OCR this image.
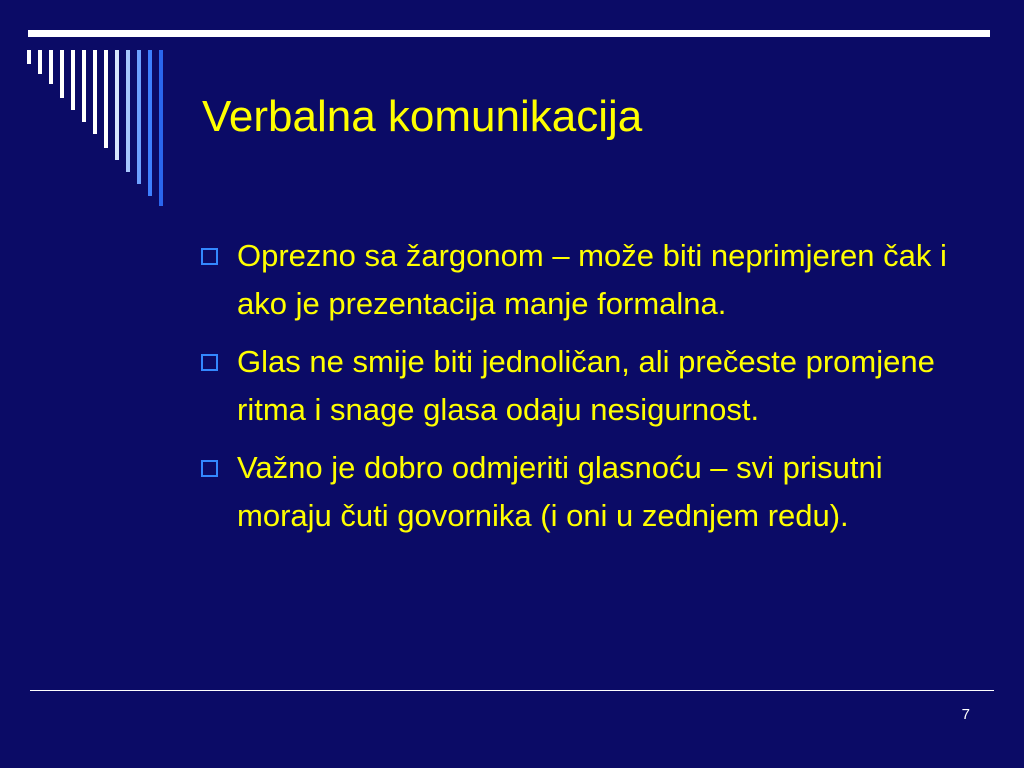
Verbalna komunikacija
Oprezno sa žargonom – može biti neprimjeren čak i ako je prezentacija manje formalna.
Glas ne smije biti jednoličan, ali prečeste promjene ritma i snage glasa odaju nesigurnost.
Važno je dobro odmjeriti glasnoću – svi prisutni moraju čuti govornika (i oni u zednjem redu).
7
